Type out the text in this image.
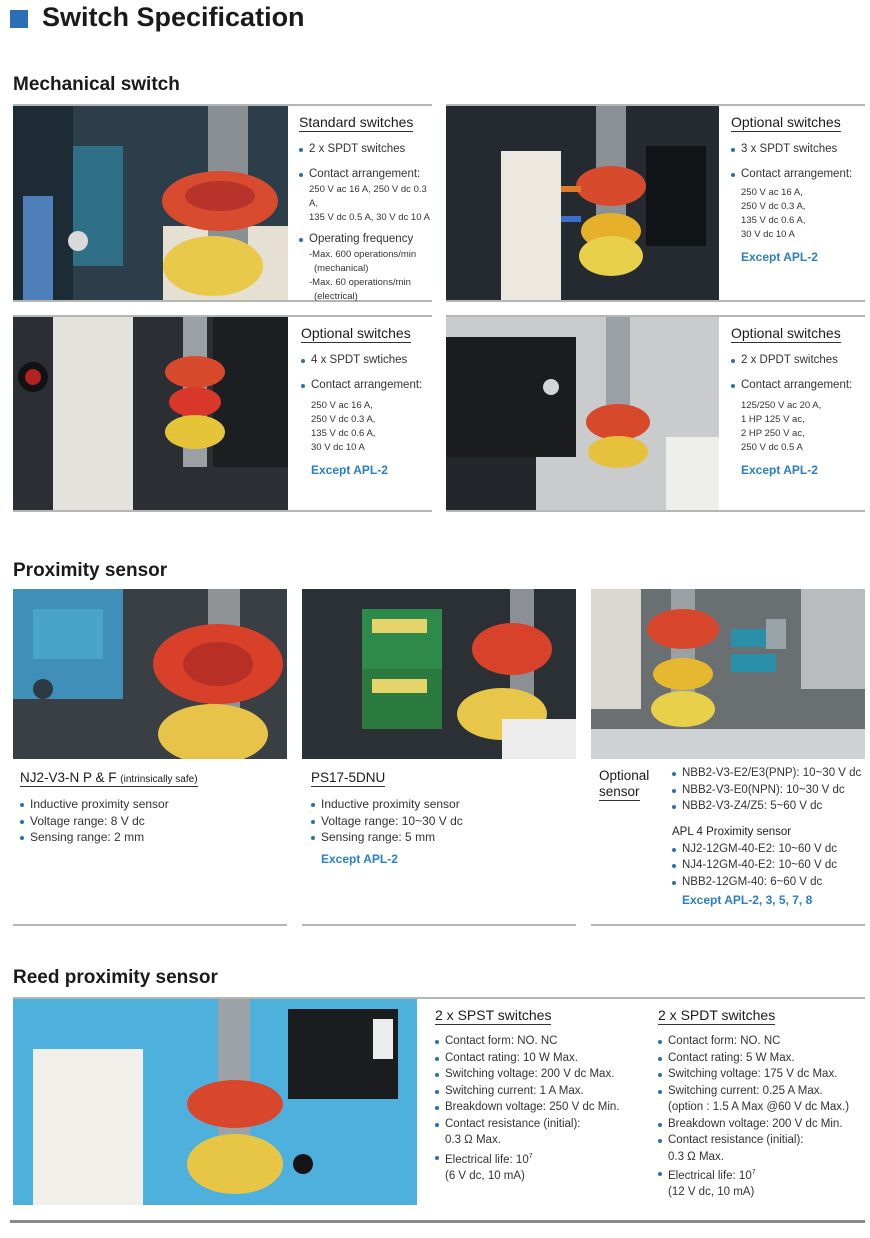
Switch Specification
Mechanical switch
Standard switches
2 x SPDT switches
Contact arrangement:
250 V ac 16 A, 250 V dc 0.3 A,
135 V dc 0.5 A, 30 V dc 10 A
Operating frequency
-Max. 600 operations/min
(mechanical)
-Max. 60 operations/min
(electrical)
Optional switches
3 x SPDT switches
Contact arrangement:
250 V ac 16 A,
250 V dc 0.3 A,
135 V dc 0.6 A,
30 V dc 10 A
Except APL-2
Optional switches
4 x SPDT swtiches
Contact arrangement:
250 V ac 16 A,
250 V dc 0.3 A,
135 V dc 0.6 A,
30 V dc 10 A
Except APL-2
Optional switches
2 x DPDT switches
Contact arrangement:
125/250 V ac 20 A,
1 HP 125 V ac,
2 HP 250 V ac,
250 V dc 0.5 A
Except APL-2
Proximity sensor
NJ2-V3-N P & F (intrinsically safe)
Inductive proximity sensor
Voltage range: 8 V dc
Sensing range: 2 mm
PS17-5DNU
Inductive proximity sensor
Voltage range: 10~30 V dc
Sensing range: 5 mm
Except APL-2
Optional
sensor
NBB2-V3-E2/E3(PNP): 10~30 V dc
NBB2-V3-E0(NPN): 10~30 V dc
NBB2-V3-Z4/Z5: 5~60 V dc
APL 4 Proximity sensor
NJ2-12GM-40-E2: 10~60 V dc
NJ4-12GM-40-E2: 10~60 V dc
NBB2-12GM-40: 6~60 V dc
Except APL-2, 3, 5, 7, 8
Reed proximity sensor
2 x SPST switches
Contact form: NO. NC
Contact rating: 10 W Max.
Switching voltage: 200 V dc Max.
Switching current: 1 A Max.
Breakdown voltage: 250 V dc Min.
Contact resistance (initial):
0.3 Ω Max.
Electrical life: $10^7$
(6 V dc, 10 mA)
2 x SPDT switches
Contact form: NO. NC
Contact rating: 5 W Max.
Switching voltage: 175 V dc Max.
Switching current: 0.25 A Max.
(option : 1.5 A Max @60 V dc Max.)
Breakdown voltage: 200 V dc Min.
Contact resistance (initial):
0.3 Ω Max.
Electrical life: $10^7$
(12 V dc, 10 mA)
